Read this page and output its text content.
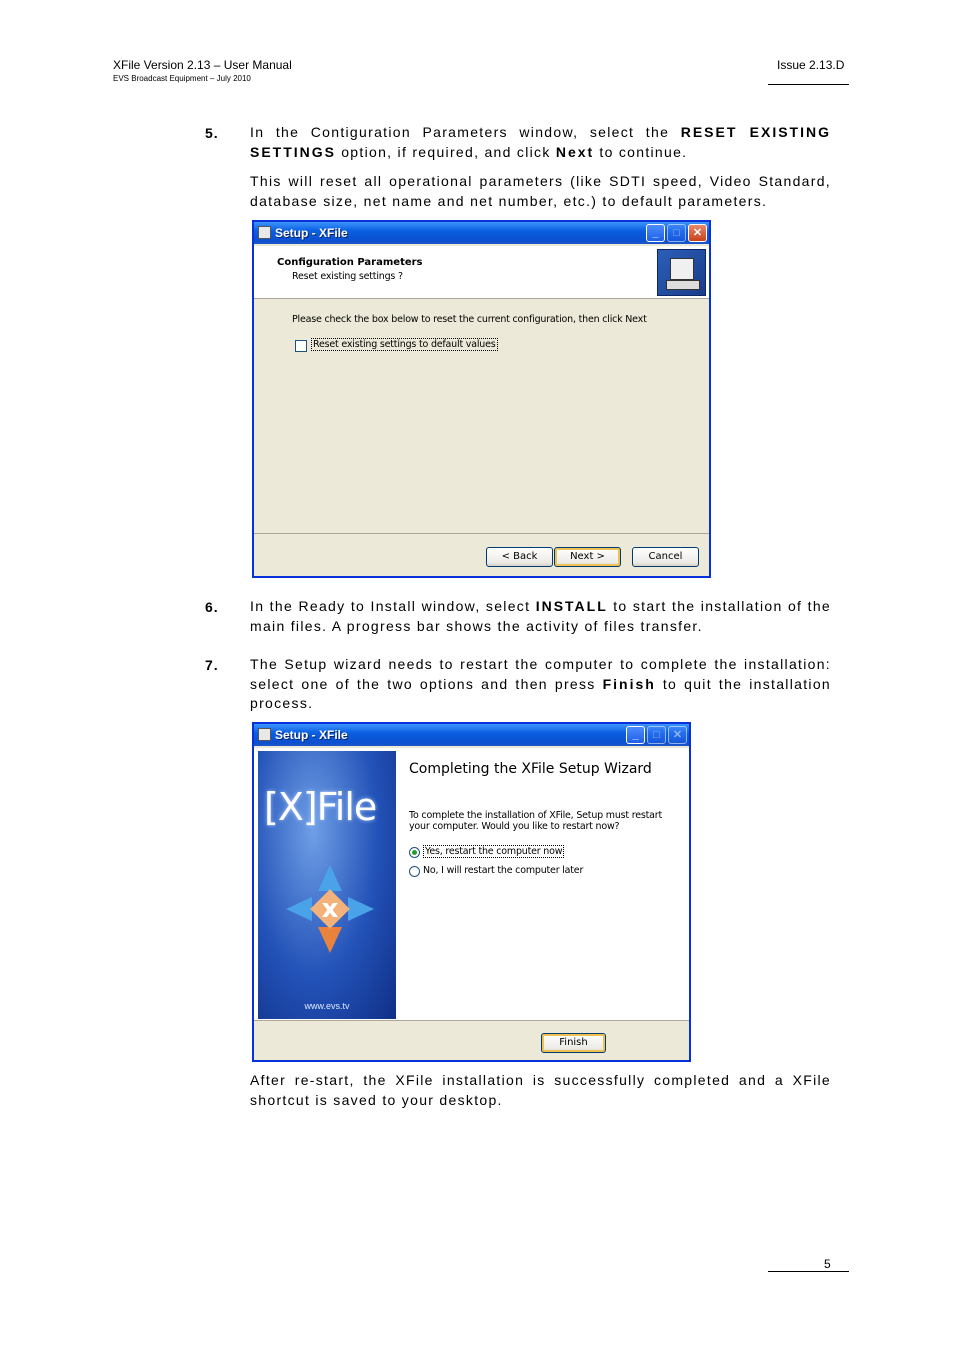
XFile Version 2.13 – User Manual
EVS Broadcast Equipment – July 2010
Issue 2.13.D
5. In the Contiguration Parameters window, select the RESET EXISTING SETTINGS option, if required, and click Next to continue.
This will reset all operational parameters (like SDTI speed, Video Standard, database size, net name and net number, etc.) to default parameters.
Setup - XFile	_	□	✕
Configuration Parameters
Reset existing settings ?
Please check the box below to reset the current configuration, then click Next
Reset existing settings to default values
< Back	Next >	Cancel
6. In the Ready to Install window, select INSTALL to start the installation of the main files. A progress bar shows the activity of files transfer.
7. The Setup wizard needs to restart the computer to complete the installation: select one of the two options and then press Finish to quit the installation process.
Setup - XFile	_	□	✕
[X]File
x
www.evs.tv
Completing the XFile Setup Wizard
To complete the installation of XFile, Setup must restart your computer. Would you like to restart now?
Yes, restart the computer now
No, I will restart the computer later
Finish
After re-start, the XFile installation is successfully completed and a XFile shortcut is saved to your desktop.
5
